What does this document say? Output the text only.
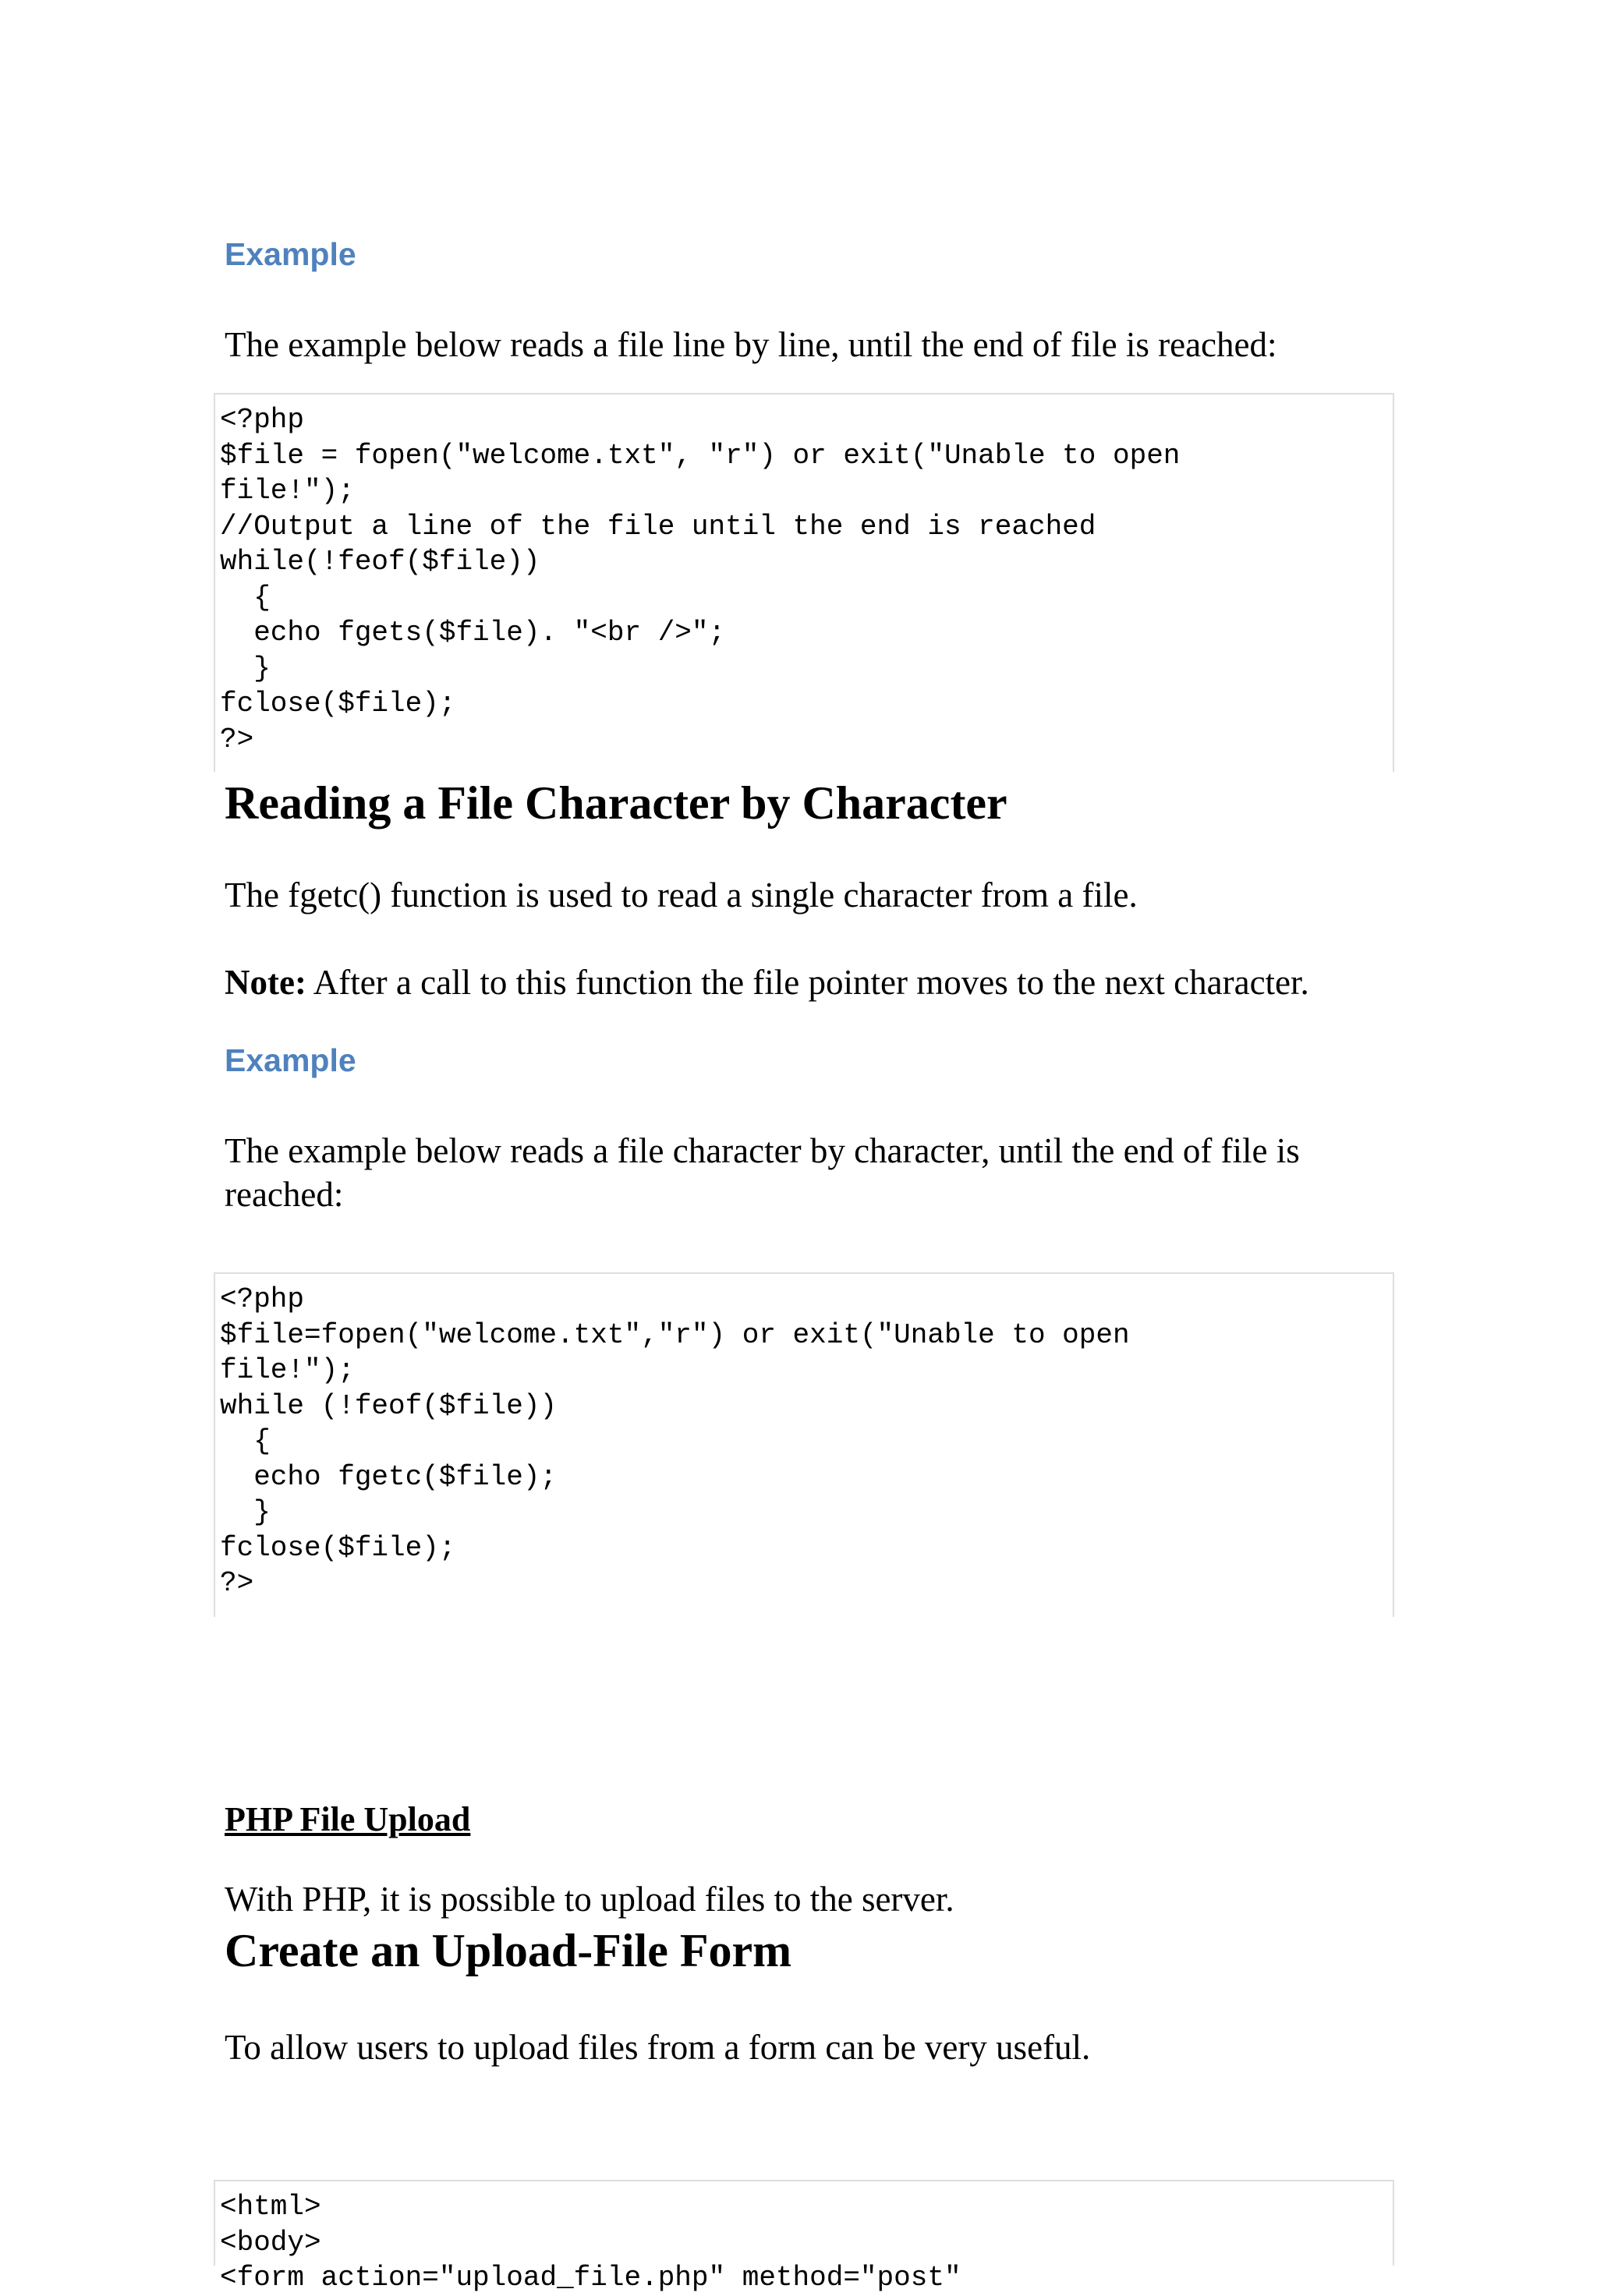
Example

The example below reads a file line by line, until the end of file is reached:

<?php
$file = fopen("welcome.txt", "r") or exit("Unable to open
file!");
//Output a line of the file until the end is reached
while(!feof($file))
{
echo fgets($file). "<br />";
}
fclose($file);
?>
Reading a File Character by Character

The fgetc() function is used to read a single character from a file.

Note: After a call to this function the file pointer moves to the next character.

Example

The example below reads a file character by character, until the end of file is reached:

<?php
$file=fopen("welcome.txt","r") or exit("Unable to open
file!");
while (!feof($file))
{
echo fgetc($file);
}
fclose($file);
?>
PHP File Upload

With PHP, it is possible to upload files to the server.

Create an Upload-File Form

To allow users to upload files from a form can be very useful.

<html>
<body>
<form action="upload_file.php" method="post"
